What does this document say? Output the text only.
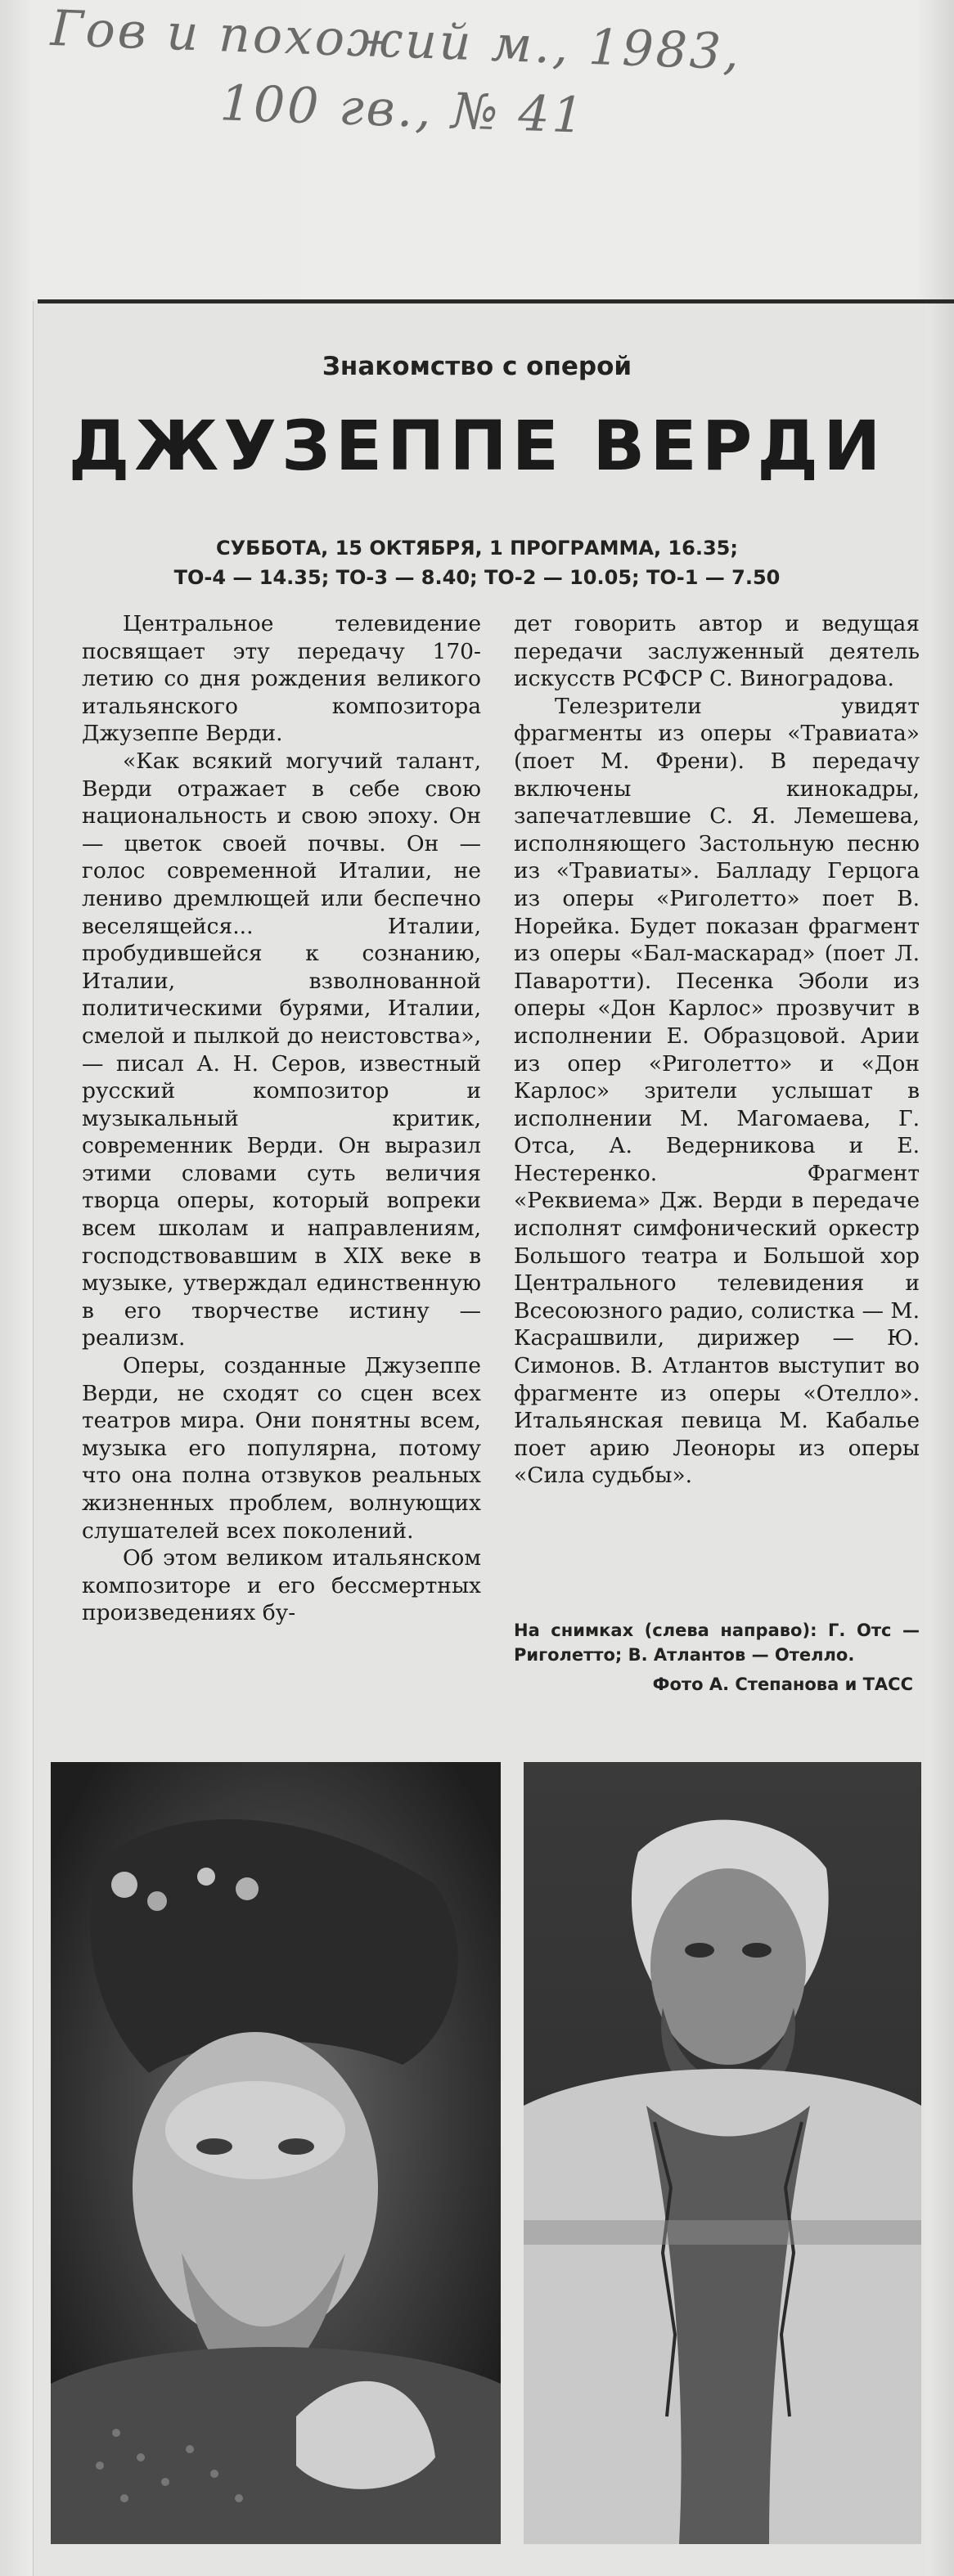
Гов и похожий м., 1983,
100 гв., № 41
Знакомство с оперой
ДЖУЗЕППЕ ВЕРДИ
СУББОТА, 15 ОКТЯБРЯ, 1 ПРОГРАММА, 16.35;
ТО-4 — 14.35; ТО-3 — 8.40; ТО-2 — 10.05; ТО-1 — 7.50

Центральное телевидение посвящает эту передачу 170-летию со дня рождения великого итальянского композитора Джузеппе Верди.

«Как всякий могучий талант, Верди отражает в себе свою национальность и свою эпоху. Он — цветок своей почвы. Он — голос современной Италии, не лениво дремлющей или беспечно веселящейся... Италии, пробудившейся к сознанию, Италии, взволнованной политическими бурями, Италии, смелой и пылкой до неистовства», — писал А. Н. Серов, известный русский композитор и музыкальный критик, современник Верди. Он выразил этими словами суть величия творца оперы, который вопреки всем школам и направлениям, господствовавшим в XIX веке в музыке, утверждал единственную в его творчестве истину — реализм.

Оперы, созданные Джузеппе Верди, не сходят со сцен всех театров мира. Они понятны всем, музыка его популярна, потому что она полна отзвуков реальных жизненных проблем, волнующих слушателей всех поколений.

Об этом великом итальянском композиторе и его бессмертных произведениях бу-

дет говорить автор и ведущая передачи заслуженный деятель искусств РСФСР С. Виноградова.

Телезрители увидят фрагменты из оперы «Травиата» (поет М. Френи). В передачу включены кинокадры, запечатлевшие С. Я. Лемешева, исполняющего Застольную песню из «Травиаты». Балладу Герцога из оперы «Риголетто» поет В. Норейка. Будет показан фрагмент из оперы «Бал-маскарад» (поет Л. Паваротти). Песенка Эболи из оперы «Дон Карлос» прозвучит в исполнении Е. Образцовой. Арии из опер «Риголетто» и «Дон Карлос» зрители услышат в исполнении М. Магомаева, Г. Отса, А. Ведерникова и Е. Нестеренко. Фрагмент «Реквиема» Дж. Верди в передаче исполнят симфонический оркестр Большого театра и Большой хор Центрального телевидения и Всесоюзного радио, солистка — М. Касрашвили, дирижер — Ю. Симонов. В. Атлантов выступит во фрагменте из оперы «Отелло». Итальянская певица М. Кабалье поет арию Леоноры из оперы «Сила судьбы».

На снимках (слева направо): Г. Отс — Риголетто; В. Атлантов — Отелло.
Фото А. Степанова и ТАСС
